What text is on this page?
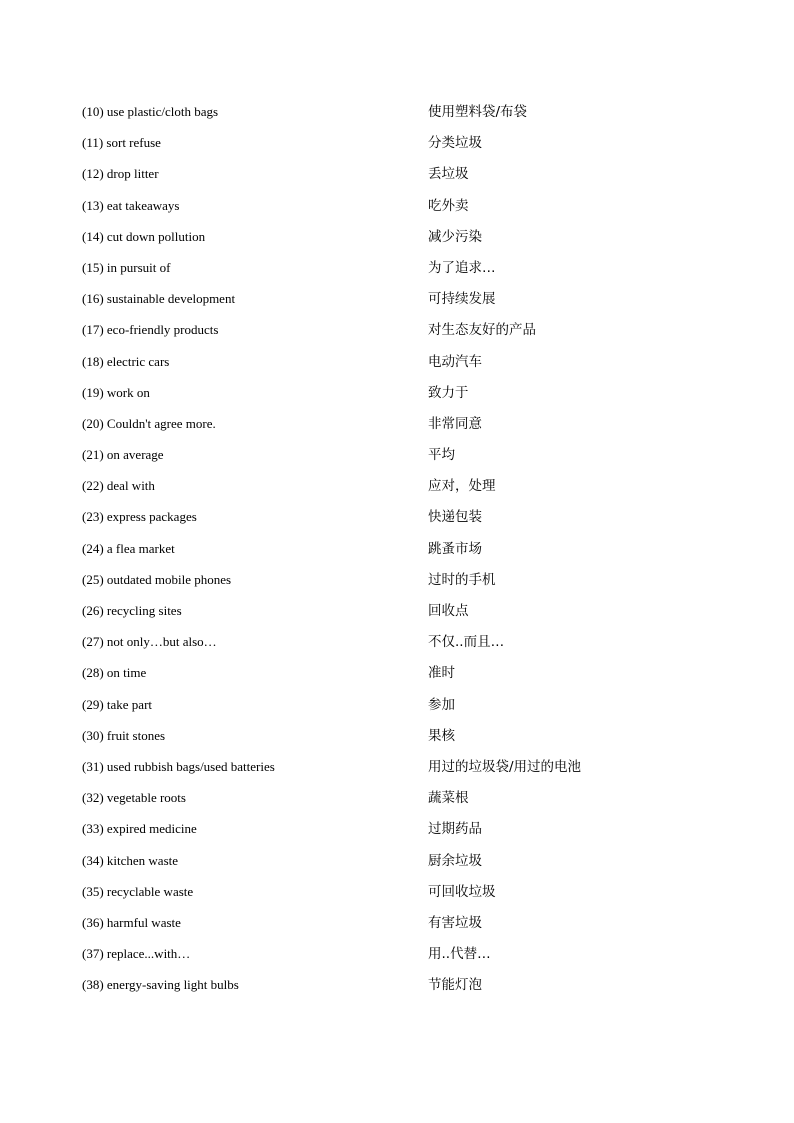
(10) use plastic/cloth bags	使用塑料袋/布袋
(11) sort refuse	分类垃圾
(12) drop litter	丢垃圾
(13) eat takeaways	吃外卖
(14) cut down pollution	减少污染
(15) in pursuit of	为了追求…
(16) sustainable development	可持续发展
(17) eco-friendly products	对生态友好的产品
(18) electric cars	电动汽车
(19) work on	致力于
(20) Couldn't agree more.	非常同意
(21) on average	平均
(22) deal with	应对，处理
(23) express packages	快递包装
(24) a flea market	跳蚤市场
(25) outdated mobile phones	过时的手机
(26) recycling sites	回收点
(27) not only…but also…	不仅..而且…
(28) on time	准时
(29) take part	参加
(30) fruit stones	果核
(31) used rubbish bags/used batteries	用过的垃圾袋/用过的电池
(32) vegetable roots	蔬菜根
(33) expired medicine	过期药品
(34) kitchen waste	厨余垃圾
(35) recyclable waste	可回收垃圾
(36) harmful waste	有害垃圾
(37) replace...with…	用..代替…
(38) energy-saving light bulbs	节能灯泡
